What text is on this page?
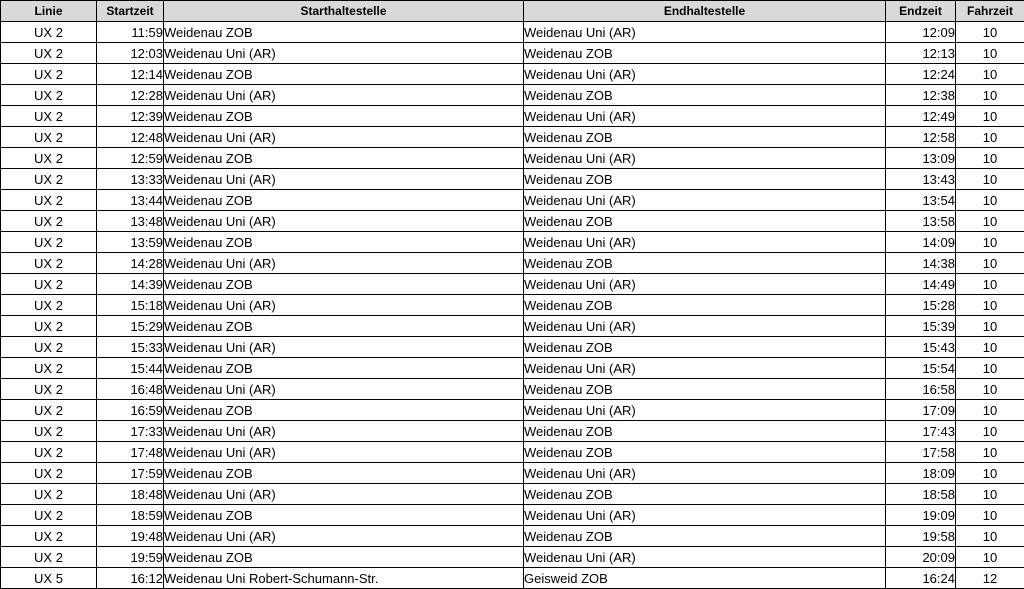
Linie	Startzeit	Starthaltestelle	Endhaltestelle	Endzeit	Fahrzeit
UX 2	11:59	Weidenau ZOB	Weidenau Uni (AR)	12:09	10
UX 2	12:03	Weidenau Uni (AR)	Weidenau ZOB	12:13	10
UX 2	12:14	Weidenau ZOB	Weidenau Uni (AR)	12:24	10
UX 2	12:28	Weidenau Uni (AR)	Weidenau ZOB	12:38	10
UX 2	12:39	Weidenau ZOB	Weidenau Uni (AR)	12:49	10
UX 2	12:48	Weidenau Uni (AR)	Weidenau ZOB	12:58	10
UX 2	12:59	Weidenau ZOB	Weidenau Uni (AR)	13:09	10
UX 2	13:33	Weidenau Uni (AR)	Weidenau ZOB	13:43	10
UX 2	13:44	Weidenau ZOB	Weidenau Uni (AR)	13:54	10
UX 2	13:48	Weidenau Uni (AR)	Weidenau ZOB	13:58	10
UX 2	13:59	Weidenau ZOB	Weidenau Uni (AR)	14:09	10
UX 2	14:28	Weidenau Uni (AR)	Weidenau ZOB	14:38	10
UX 2	14:39	Weidenau ZOB	Weidenau Uni (AR)	14:49	10
UX 2	15:18	Weidenau Uni (AR)	Weidenau ZOB	15:28	10
UX 2	15:29	Weidenau ZOB	Weidenau Uni (AR)	15:39	10
UX 2	15:33	Weidenau Uni (AR)	Weidenau ZOB	15:43	10
UX 2	15:44	Weidenau ZOB	Weidenau Uni (AR)	15:54	10
UX 2	16:48	Weidenau Uni (AR)	Weidenau ZOB	16:58	10
UX 2	16:59	Weidenau ZOB	Weidenau Uni (AR)	17:09	10
UX 2	17:33	Weidenau Uni (AR)	Weidenau ZOB	17:43	10
UX 2	17:48	Weidenau Uni (AR)	Weidenau ZOB	17:58	10
UX 2	17:59	Weidenau ZOB	Weidenau Uni (AR)	18:09	10
UX 2	18:48	Weidenau Uni (AR)	Weidenau ZOB	18:58	10
UX 2	18:59	Weidenau ZOB	Weidenau Uni (AR)	19:09	10
UX 2	19:48	Weidenau Uni (AR)	Weidenau ZOB	19:58	10
UX 2	19:59	Weidenau ZOB	Weidenau Uni (AR)	20:09	10
UX 5	16:12	Weidenau Uni Robert-Schumann-Str.	Geisweid ZOB	16:24	12
